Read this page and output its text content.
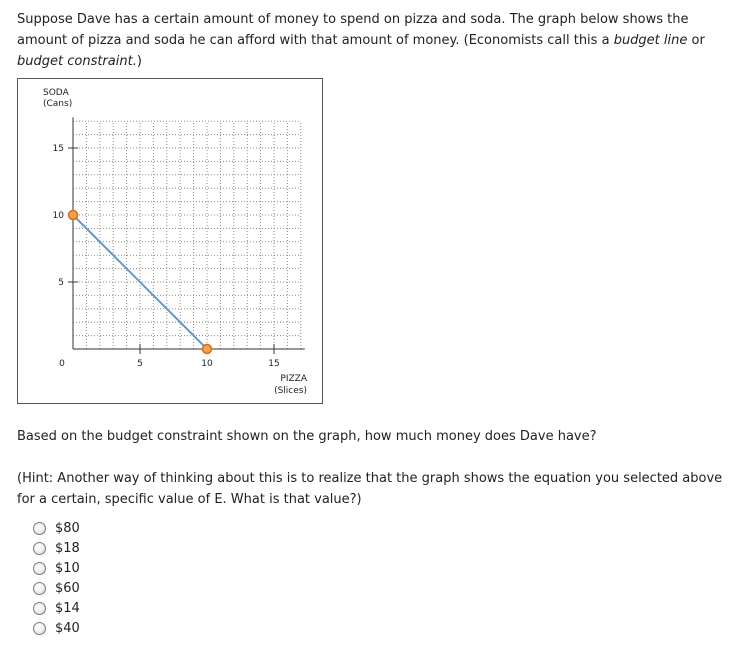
Suppose Dave has a certain amount of money to spend on pizza and soda. The graph below shows the amount of pizza and soda he can afford with that amount of money. (Economists call this a budget line or budget constraint.)

5
10
15
5	10	15
SODA
(Cans)
PIZZA
(Slices)
0

Based on the budget constraint shown on the graph, how much money does Dave have?

(Hint: Another way of thinking about this is to realize that the graph shows the equation you selected above for a certain, specific value of E. What is that value?)

$80
$18
$10
$60
$14
$40
